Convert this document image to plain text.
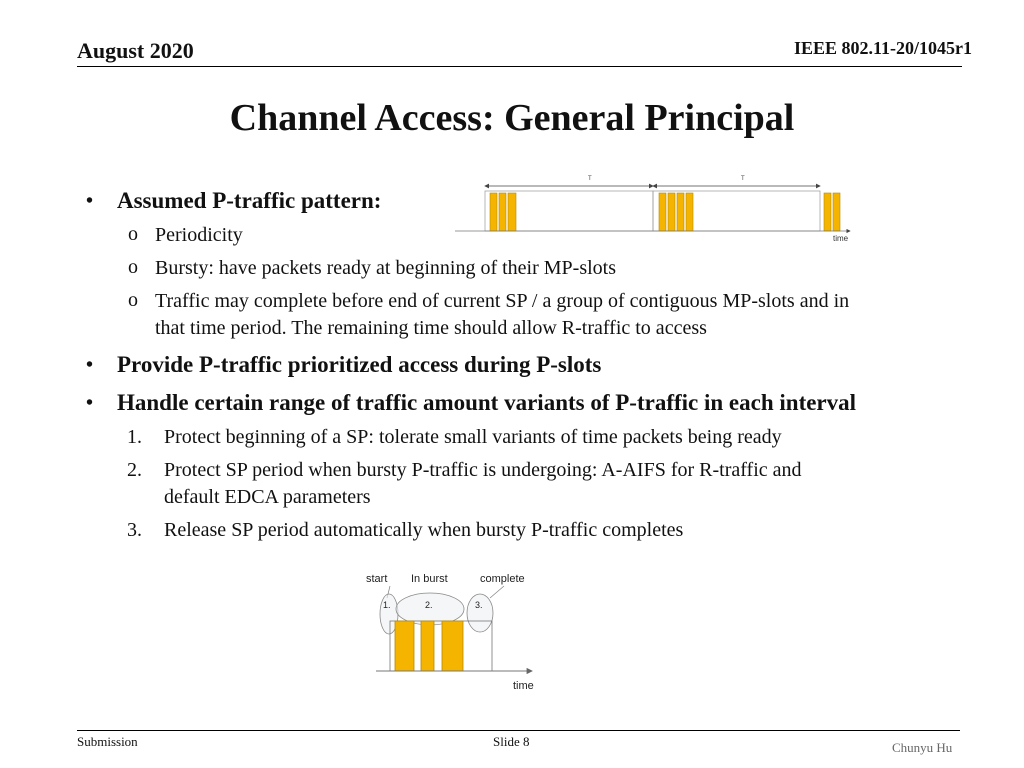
August 2020	IEEE 802.11-20/1045r1
Channel Access: General Principal
• Assumed P-traffic pattern:
o Periodicity
o Bursty: have packets ready at beginning of their MP-slots
o Traffic may complete before end of current SP / a group of contiguous MP-slots and in
that time period. The remaining time should allow R-traffic to access
• Provide P-traffic prioritized access during P-slots
• Handle certain range of traffic amount variants of P-traffic in each interval
1. Protect beginning of a SP: tolerate small variants of time packets being ready
2. Protect SP period when bursty P-traffic is undergoing: A-AIFS for R-traffic and
default EDCA parameters
3. Release SP period automatically when bursty P-traffic completes
T	T
time
start In burst	complete
1.	2.	3.
time
Submission	Slide 8	Chunyu Hu
